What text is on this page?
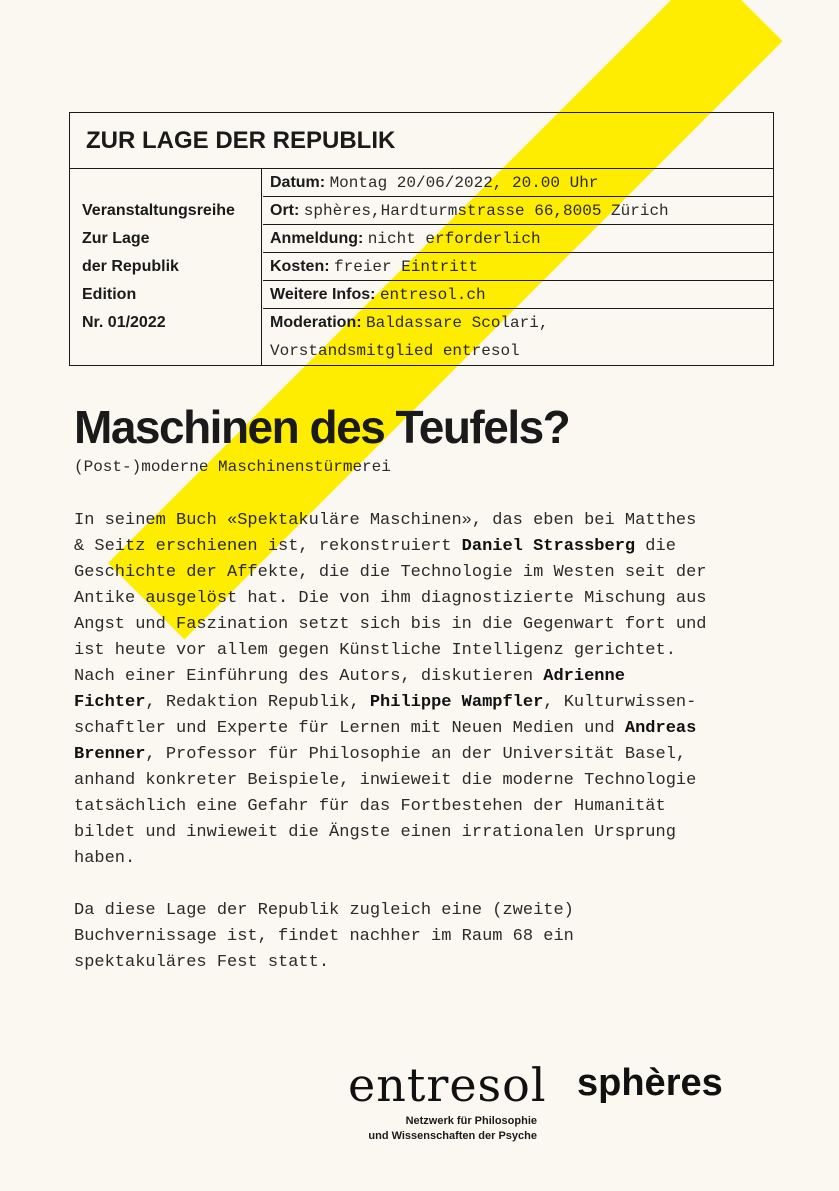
ZUR LAGE DER REPUBLIK
Veranstaltungsreihe
Zur Lage
der Republik
Edition
Nr. 01/2022
Datum: Montag 20/06/2022, 20.00 Uhr
Ort: sphères,Hardturmstrasse 66,8005 Zürich
Anmeldung: nicht erforderlich
Kosten: freier Eintritt
Weitere Infos: entresol.ch
Moderation: Baldassare Scolari,
Vorstandsmitglied entresol
Maschinen des Teufels?
(Post-)moderne Maschinenstürmerei
In seinem Buch «Spektakuläre Maschinen», das eben bei Matthes
& Seitz erschienen ist, rekonstruiert Daniel Strassberg die
Geschichte der Affekte, die die Technologie im Westen seit der
Antike ausgelöst hat. Die von ihm diagnostizierte Mischung aus
Angst und Faszination setzt sich bis in die Gegenwart fort und
ist heute vor allem gegen Künstliche Intelligenz gerichtet.
Nach einer Einführung des Autors, diskutieren Adrienne
Fichter, Redaktion Republik, Philippe Wampfler, Kulturwissen-
schaftler und Experte für Lernen mit Neuen Medien und Andreas
Brenner, Professor für Philosophie an der Universität Basel,
anhand konkreter Beispiele, inwieweit die moderne Technologie
tatsächlich eine Gefahr für das Fortbestehen der Humanität
bildet und inwieweit die Ängste einen irrationalen Ursprung
haben.
Da diese Lage der Republik zugleich eine (zweite)
Buchvernissage ist, findet nachher im Raum 68 ein
spektakuläres Fest statt.
entresol
Netzwerk für Philosophie
und Wissenschaften der Psyche
sphères
